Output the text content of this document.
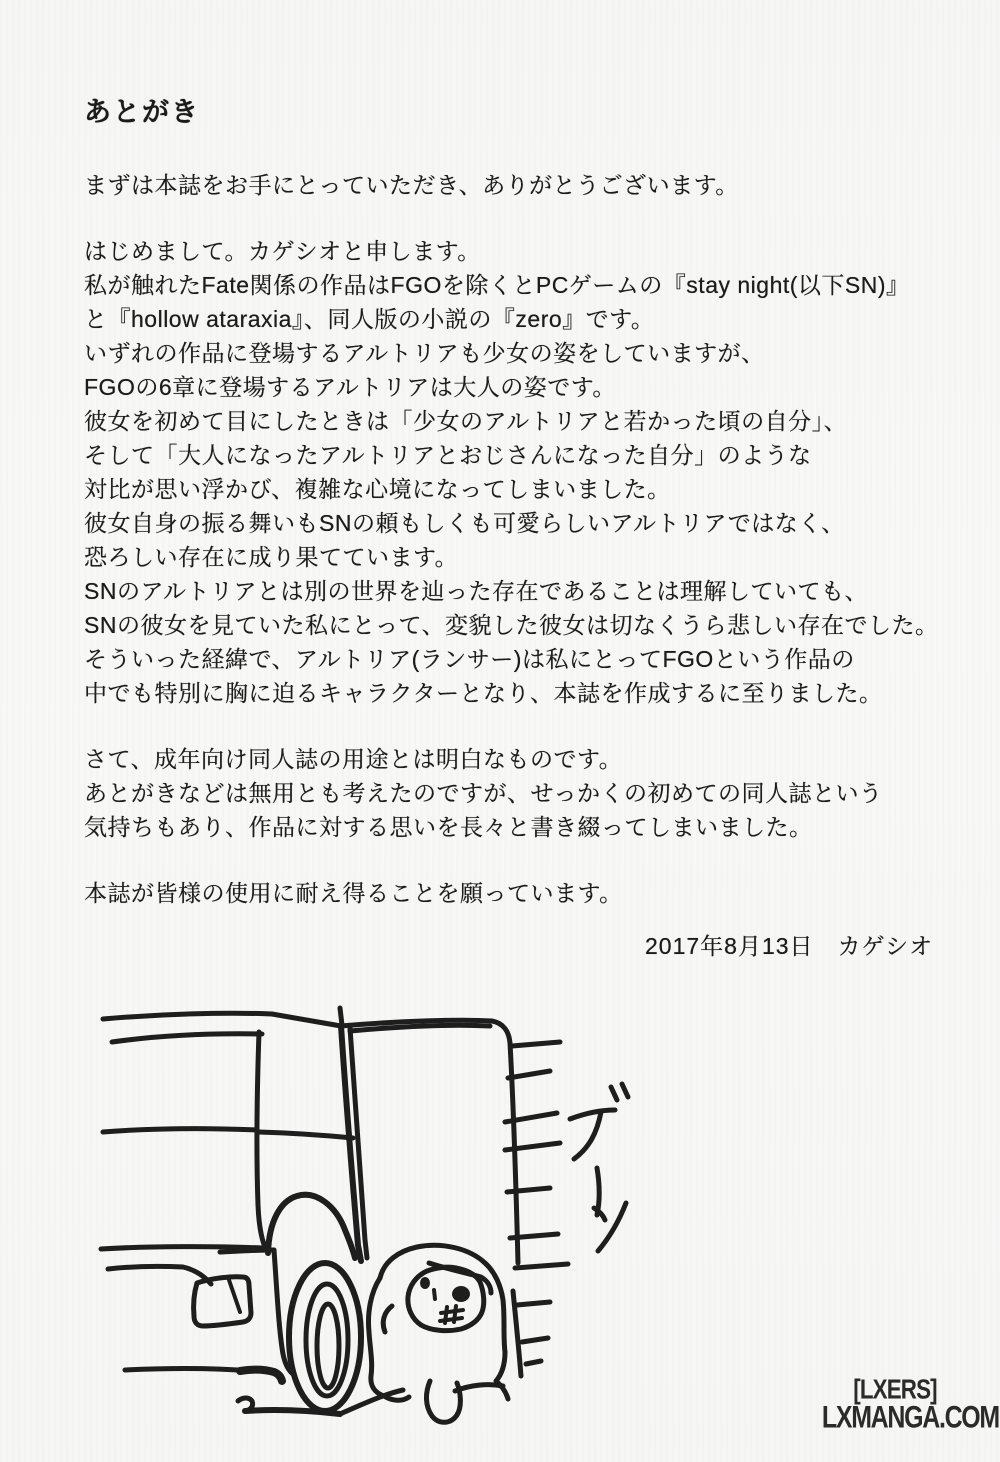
あとがき
まずは本誌をお手にとっていただき、ありがとうございます。
はじめまして。カゲシオと申します。
私が触れたFate関係の作品はFGOを除くとPCゲームの『stay night(以下SN)』
と『hollow ataraxia』、同人版の小説の『zero』です。
いずれの作品に登場するアルトリアも少女の姿をしていますが、
FGOの6章に登場するアルトリアは大人の姿です。
彼女を初めて目にしたときは「少女のアルトリアと若かった頃の自分」、
そして「大人になったアルトリアとおじさんになった自分」のような
対比が思い浮かび、複雑な心境になってしまいました。
彼女自身の振る舞いもSNの頼もしくも可愛らしいアルトリアではなく、
恐ろしい存在に成り果てています。
SNのアルトリアとは別の世界を辿った存在であることは理解していても、
SNの彼女を見ていた私にとって、変貌した彼女は切なくうら悲しい存在でした。
そういった経緯で、アルトリア(ランサー)は私にとってFGOという作品の
中でも特別に胸に迫るキャラクターとなり、本誌を作成するに至りました。
さて、成年向け同人誌の用途とは明白なものです。
あとがきなどは無用とも考えたのですが、せっかくの初めての同人誌という
気持ちもあり、作品に対する思いを長々と書き綴ってしまいました。
本誌が皆様の使用に耐え得ることを願っています。
2017年8月13日　カゲシオ
[LXERS]
LXMANGA.COM
